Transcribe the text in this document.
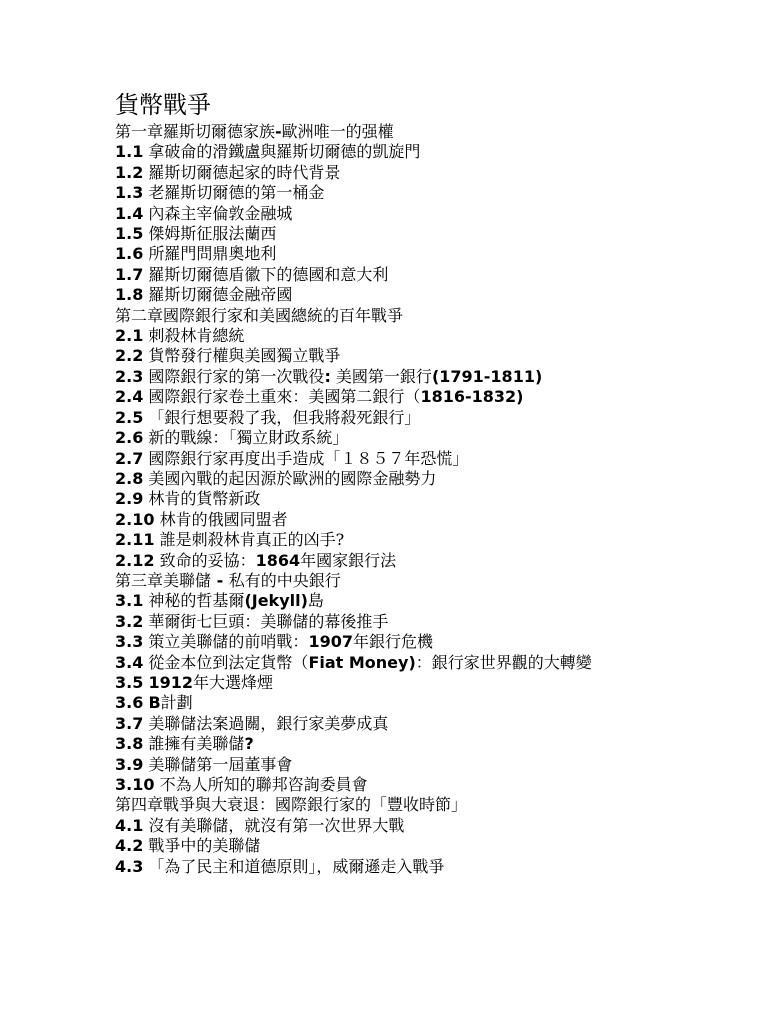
貨幣戰爭
第一章羅斯切爾德家族-歐洲唯一的强權
1.1 拿破侖的滑鐵盧與羅斯切爾德的凱旋門
1.2 羅斯切爾德起家的時代背景
1.3 老羅斯切爾德的第一桶金
1.4 內森主宰倫敦金融城
1.5 傑姆斯征服法蘭西
1.6 所羅門問鼎奧地利
1.7 羅斯切爾德盾徽下的德國和意大利
1.8 羅斯切爾德金融帝國
第二章國際銀行家和美國總統的百年戰爭
2.1 刺殺林肯總統
2.2 貨幣發行權與美國獨立戰爭
2.3 國際銀行家的第一次戰役: 美國第一銀行(1791-1811)
2.4 國際銀行家卷土重來：美國第二銀行（1816-1832)
2.5 「銀行想要殺了我，但我將殺死銀行」
2.6 新的戰線：「獨立財政系統」
2.7 國際銀行家再度出手造成「１８５７年恐慌」
2.8 美國內戰的起因源於歐洲的國際金融勢力
2.9 林肯的貨幣新政
2.10 林肯的俄國同盟者
2.11 誰是刺殺林肯真正的凶手?
2.12 致命的妥協：1864年國家銀行法
第三章美聯儲 - 私有的中央銀行
3.1 神秘的哲基爾(Jekyll)島
3.2 華爾街七巨頭：美聯儲的幕後推手
3.3 策立美聯儲的前哨戰：1907年銀行危機
3.4 從金本位到法定貨幣（Fiat Money)：銀行家世界觀的大轉變
3.5 1912年大選烽煙
3.6 B計劃
3.7 美聯儲法案過關，銀行家美夢成真
3.8 誰擁有美聯儲?
3.9 美聯儲第一屆董事會
3.10 不為人所知的聯邦咨詢委員會
第四章戰爭與大衰退：國際銀行家的「豐收時節」
4.1 沒有美聯儲，就沒有第一次世界大戰
4.2 戰爭中的美聯儲
4.3 「為了民主和道德原則」，威爾遜走入戰爭
